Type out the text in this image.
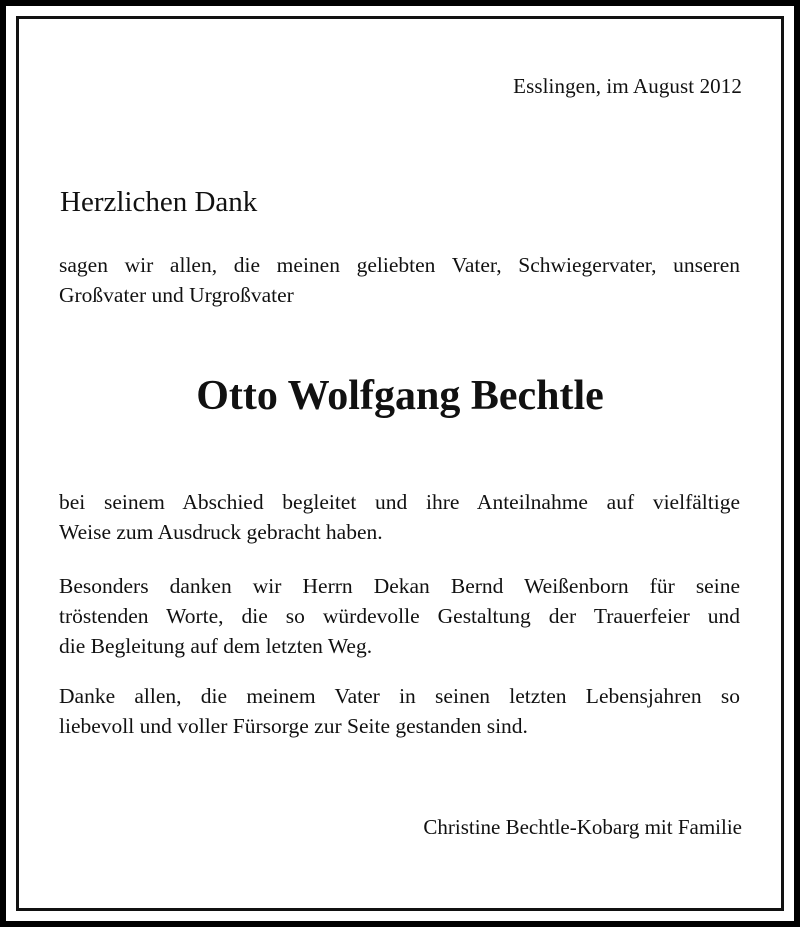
Esslingen, im August 2012
Herzlichen Dank
sagen wir allen, die meinen geliebten Vater, Schwiegervater, unseren
Großvater und Urgroßvater
Otto Wolfgang Bechtle
bei seinem Abschied begleitet und ihre Anteilnahme auf vielfältige
Weise zum Ausdruck gebracht haben.
Besonders danken wir Herrn Dekan Bernd Weißenborn für seine
tröstenden Worte, die so würdevolle Gestaltung der Trauerfeier und
die Begleitung auf dem letzten Weg.
Danke allen, die meinem Vater in seinen letzten Lebensjahren so
liebevoll und voller Fürsorge zur Seite gestanden sind.
Christine Bechtle-Kobarg mit Familie
